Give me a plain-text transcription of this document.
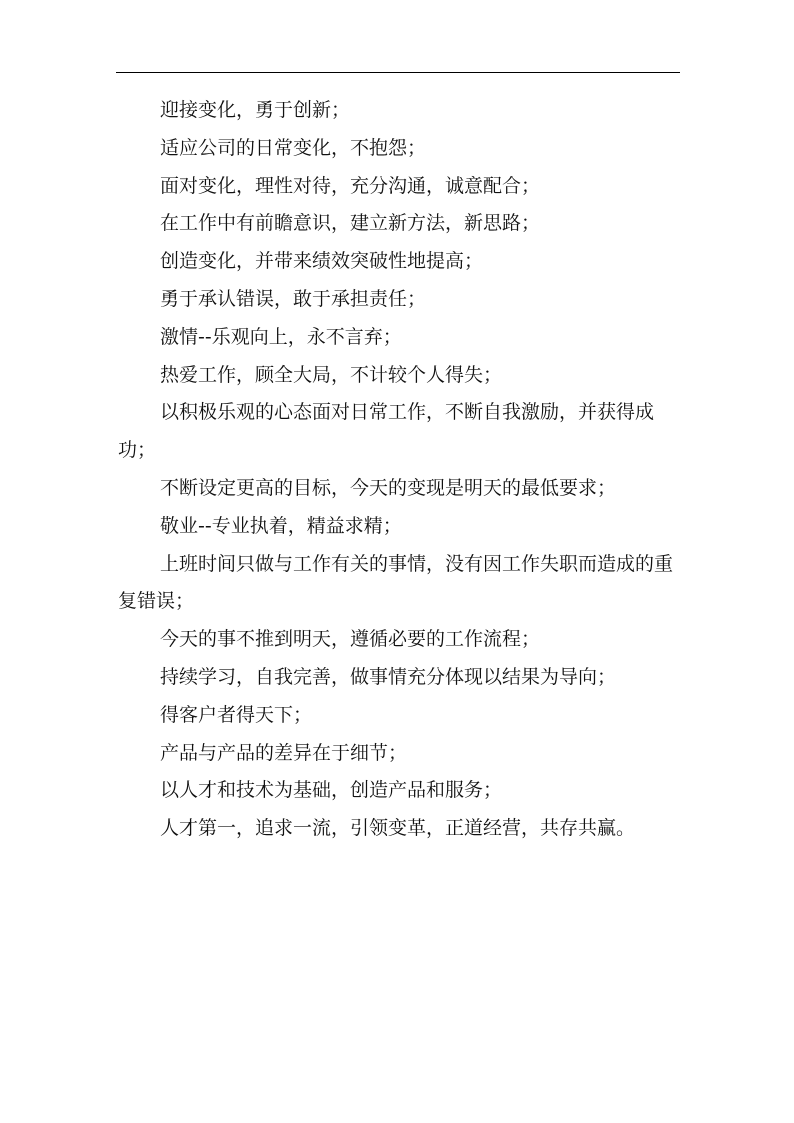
迎接变化，勇于创新；

适应公司的日常变化，不抱怨；

面对变化，理性对待，充分沟通，诚意配合；

在工作中有前瞻意识，建立新方法，新思路；

创造变化，并带来绩效突破性地提高；

勇于承认错误，敢于承担责任；

激情--乐观向上，永不言弃；

热爱工作，顾全大局，不计较个人得失；

以积极乐观的心态面对日常工作，不断自我激励，并获得成功；

不断设定更高的目标，今天的变现是明天的最低要求；

敬业--专业执着，精益求精；

上班时间只做与工作有关的事情，没有因工作失职而造成的重复错误；

今天的事不推到明天，遵循必要的工作流程；

持续学习，自我完善，做事情充分体现以结果为导向；

得客户者得天下；

产品与产品的差异在于细节；

以人才和技术为基础，创造产品和服务；

人才第一，追求一流，引领变革，正道经营，共存共赢。
